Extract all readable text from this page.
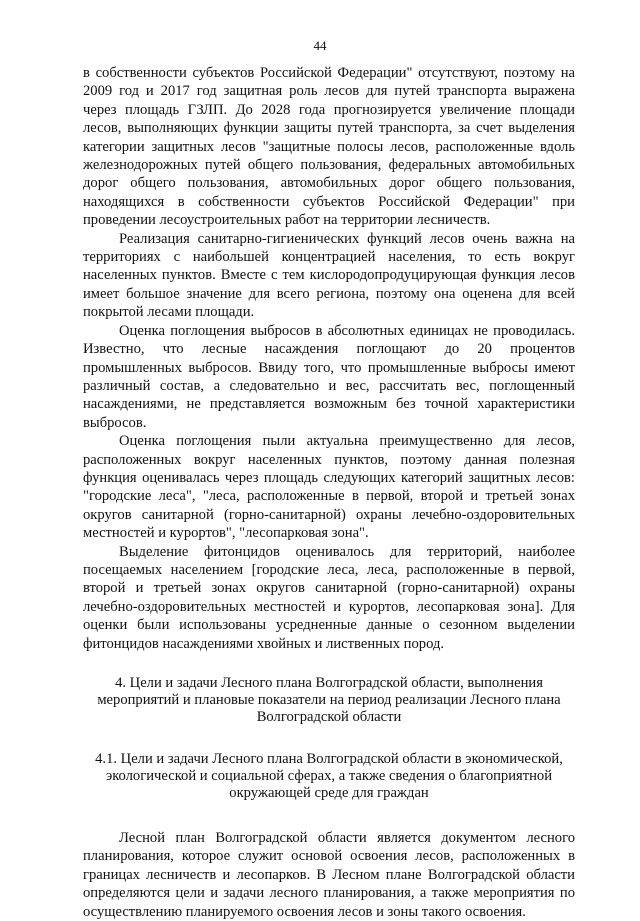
44

в собственности субъектов Российской Федерации" отсутствуют, поэтому на 2009 год и 2017 год защитная роль лесов для путей транспорта выражена через площадь ГЗЛП. До 2028 года прогнозируется увеличение площади лесов, выполняющих функции защиты путей транспорта, за счет выделения категории защитных лесов "защитные полосы лесов, расположенные вдоль железнодорожных путей общего пользования, федеральных автомобильных дорог общего пользования, автомобильных дорог общего пользования, находящихся в собственности субъектов Российской Федерации" при проведении лесоустроительных работ на территории лесничеств.

Реализация санитарно-гигиенических функций лесов очень важна на территориях с наибольшей концентрацией населения, то есть вокруг населенных пунктов. Вместе с тем кислородопродуцирующая функция лесов имеет большое значение для всего региона, поэтому она оценена для всей покрытой лесами площади.

Оценка поглощения выбросов в абсолютных единицах не проводилась. Известно, что лесные насаждения поглощают до 20 процентов промышленных выбросов. Ввиду того, что промышленные выбросы имеют различный состав, а следовательно и вес, рассчитать вес, поглощенный насаждениями, не представляется возможным без точной характеристики выбросов.

Оценка поглощения пыли актуальна преимущественно для лесов, расположенных вокруг населенных пунктов, поэтому данная полезная функция оценивалась через площадь следующих категорий защитных лесов: "городские леса", "леса, расположенные в первой, второй и третьей зонах округов санитарной (горно-санитарной) охраны лечебно-оздоровительных местностей и курортов", "лесопарковая зона".

Выделение фитонцидов оценивалось для территорий, наиболее посещаемых населением [городские леса, леса, расположенные в первой, второй и третьей зонах округов санитарной (горно-санитарной) охраны лечебно-оздоровительных местностей и курортов, лесопарковая зона]. Для оценки были использованы усредненные данные о сезонном выделении фитонцидов насаждениями хвойных и лиственных пород.

4. Цели и задачи Лесного плана Волгоградской области, выполнения мероприятий и плановые показатели на период реализации Лесного плана Волгоградской области

4.1. Цели и задачи Лесного плана Волгоградской области в экономической, экологической и социальной сферах, а также сведения о благоприятной окружающей среде для граждан

Лесной план Волгоградской области является документом лесного планирования, которое служит основой освоения лесов, расположенных в границах лесничеств и лесопарков. В Лесном плане Волгоградской области определяются цели и задачи лесного планирования, а также мероприятия по осуществлению планируемого освоения лесов и зоны такого освоения.
